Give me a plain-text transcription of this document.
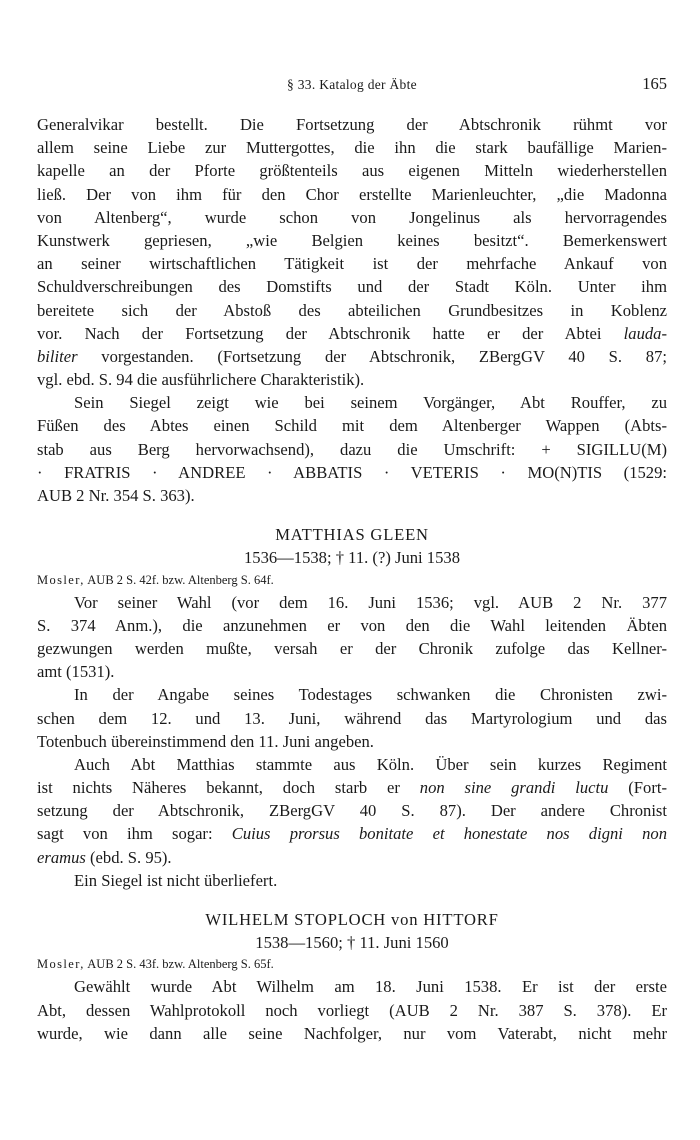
§ 33. Katalog der Äbte	165
Generalvikar bestellt. Die Fortsetzung der Abtschronik rühmt vor
allem seine Liebe zur Muttergottes, die ihn die stark baufällige Marien-
kapelle an der Pforte größtenteils aus eigenen Mitteln wiederherstellen
ließ. Der von ihm für den Chor erstellte Marienleuchter, „die Madonna
von Altenberg“, wurde schon von Jongelinus als hervorragendes
Kunstwerk gepriesen, „wie Belgien keines besitzt“. Bemerkenswert
an seiner wirtschaftlichen Tätigkeit ist der mehrfache Ankauf von
Schuldverschreibungen des Domstifts und der Stadt Köln. Unter ihm
bereitete sich der Abstoß des abteilichen Grundbesitzes in Koblenz
vor. Nach der Fortsetzung der Abtschronik hatte er der Abtei lauda-
biliter vorgestanden. (Fortsetzung der Abtschronik, ZBergGV 40 S. 87;
vgl. ebd. S. 94 die ausführlichere Charakteristik).
Sein Siegel zeigt wie bei seinem Vorgänger, Abt Rouffer, zu
Füßen des Abtes einen Schild mit dem Altenberger Wappen (Abts-
stab aus Berg hervorwachsend), dazu die Umschrift: + SIGILLU(M)
· FRATRIS · ANDREE · ABBATIS · VETERIS · MO(N)TIS (1529:
AUB 2 Nr. 354 S. 363).
MATTHIAS GLEEN
1536—1538; † 11. (?) Juni 1538
Mosler, AUB 2 S. 42f. bzw. Altenberg S. 64f.
Vor seiner Wahl (vor dem 16. Juni 1536; vgl. AUB 2 Nr. 377
S. 374 Anm.), die anzunehmen er von den die Wahl leitenden Äbten
gezwungen werden mußte, versah er der Chronik zufolge das Kellner-
amt (1531).
In der Angabe seines Todestages schwanken die Chronisten zwi-
schen dem 12. und 13. Juni, während das Martyrologium und das
Totenbuch übereinstimmend den 11. Juni angeben.
Auch Abt Matthias stammte aus Köln. Über sein kurzes Regiment
ist nichts Näheres bekannt, doch starb er non sine grandi luctu (Fort-
setzung der Abtschronik, ZBergGV 40 S. 87). Der andere Chronist
sagt von ihm sogar: Cuius prorsus bonitate et honestate nos digni non
eramus (ebd. S. 95).
Ein Siegel ist nicht überliefert.
WILHELM STOPLOCH von HITTORF
1538—1560; † 11. Juni 1560
Mosler, AUB 2 S. 43f. bzw. Altenberg S. 65f.
Gewählt wurde Abt Wilhelm am 18. Juni 1538. Er ist der erste
Abt, dessen Wahlprotokoll noch vorliegt (AUB 2 Nr. 387 S. 378). Er
wurde, wie dann alle seine Nachfolger, nur vom Vaterabt, nicht mehr
